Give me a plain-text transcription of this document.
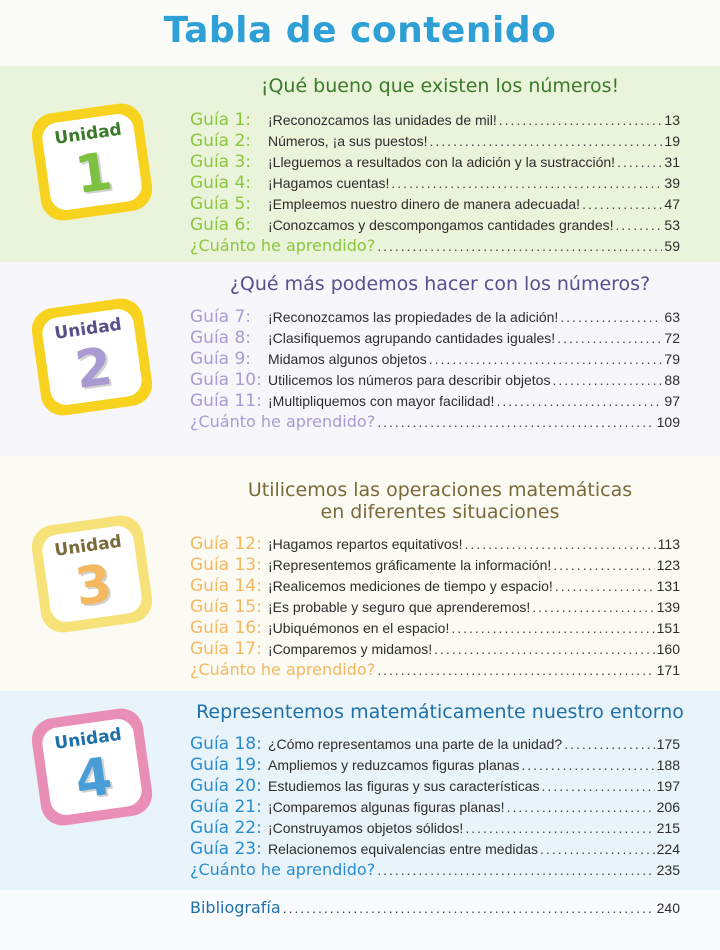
Tabla de contenido
¡Qué bueno que existen los números!
Unidad
1
Guía 1:	¡Reconozcamos las unidades de mil! .....	13
Guía 2:	Números, ¡a sus puestos! .....	19
Guía 3:	¡Lleguemos a resultados con la adición y la sustracción! .....	31
Guía 4:	¡Hagamos cuentas! .....	39
Guía 5:	¡Empleemos nuestro dinero de manera adecuada! .....	47
Guía 6:	¡Conozcamos y descompongamos cantidades grandes! .....	53
¿Cuánto he aprendido? .....	59
¿Qué más podemos hacer con los números?
Unidad
2
Guía 7:	¡Reconozcamos las propiedades de la adición! .....	63
Guía 8:	¡Clasifiquemos agrupando cantidades iguales! .....	72
Guía 9:	Midamos algunos objetos .....	79
Guía 10: Utilicemos los números para describir objetos .....	88
Guía 11: ¡Multipliquemos con mayor facilidad! .....	97
¿Cuánto he aprendido? .....	109
Utilicemos las operaciones matemáticas
en diferentes situaciones
Unidad
3
Guía 12: ¡Hagamos repartos equitativos! .....	113
Guía 13: ¡Representemos gráficamente la información! .....	123
Guía 14: ¡Realicemos mediciones de tiempo y espacio! .....	131
Guía 15: ¡Es probable y seguro que aprenderemos! .....	139
Guía 16: ¡Ubiquémonos en el espacio! .....	151
Guía 17: ¡Comparemos y midamos! .....	160
¿Cuánto he aprendido? .....	171
Representemos matemáticamente nuestro entorno
Unidad
4
Guía 18: ¿Cómo representamos una parte de la unidad? .....	175
Guía 19: Ampliemos y reduzcamos figuras planas .....	188
Guía 20: Estudiemos las figuras y sus características .....	197
Guía 21: ¡Comparemos algunas figuras planas! .....	206
Guía 22: ¡Construyamos objetos sólidos! .....	215
Guía 23: Relacionemos equivalencias entre medidas .....	224
¿Cuánto he aprendido? .....	235
Bibliografía .....	240
